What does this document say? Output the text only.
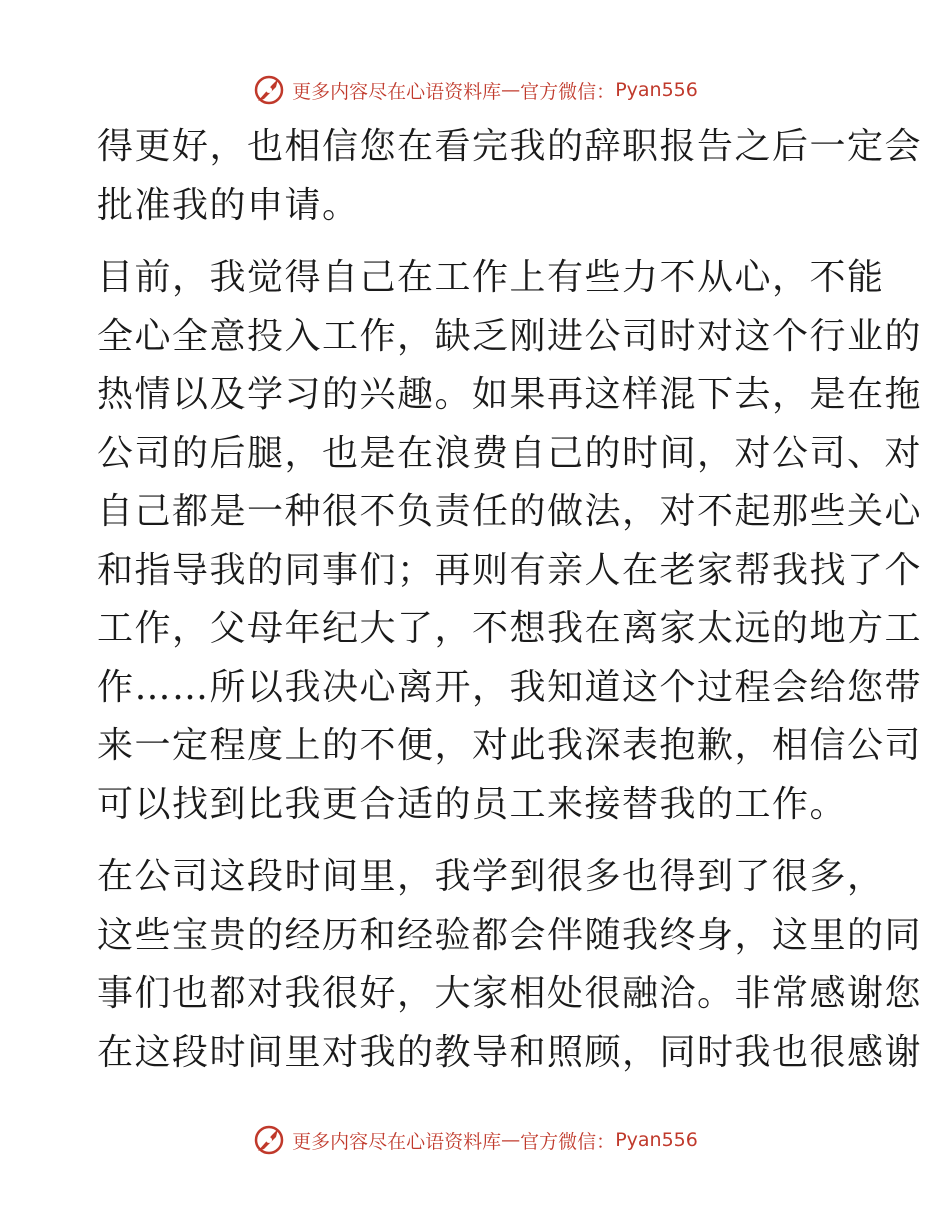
更多内容尽在心语资料库 — 官方微信： Pyan556
得更好，也相信您在看完我的辞职报告之后一定会
批准我的申请。
目前，我觉得自己在工作上有些力不从心，不能
全心全意投入工作，缺乏刚进公司时对这个行业的
热情以及学习的兴趣。如果再这样混下去，是在拖
公司的后腿，也是在浪费自己的时间，对公司、对
自己都是一种很不负责任的做法，对不起那些关心
和指导我的同事们；再则有亲人在老家帮我找了个
工作，父母年纪大了，不想我在离家太远的地方工
作……所以我决心离开，我知道这个过程会给您带
来一定程度上的不便，对此我深表抱歉，相信公司
可以找到比我更合适的员工来接替我的工作。
在公司这段时间里，我学到很多也得到了很多，
这些宝贵的经历和经验都会伴随我终身，这里的同
事们也都对我很好，大家相处很融洽。非常感谢您
在这段时间里对我的教导和照顾，同时我也很感谢
更多内容尽在心语资料库 — 官方微信： Pyan556
